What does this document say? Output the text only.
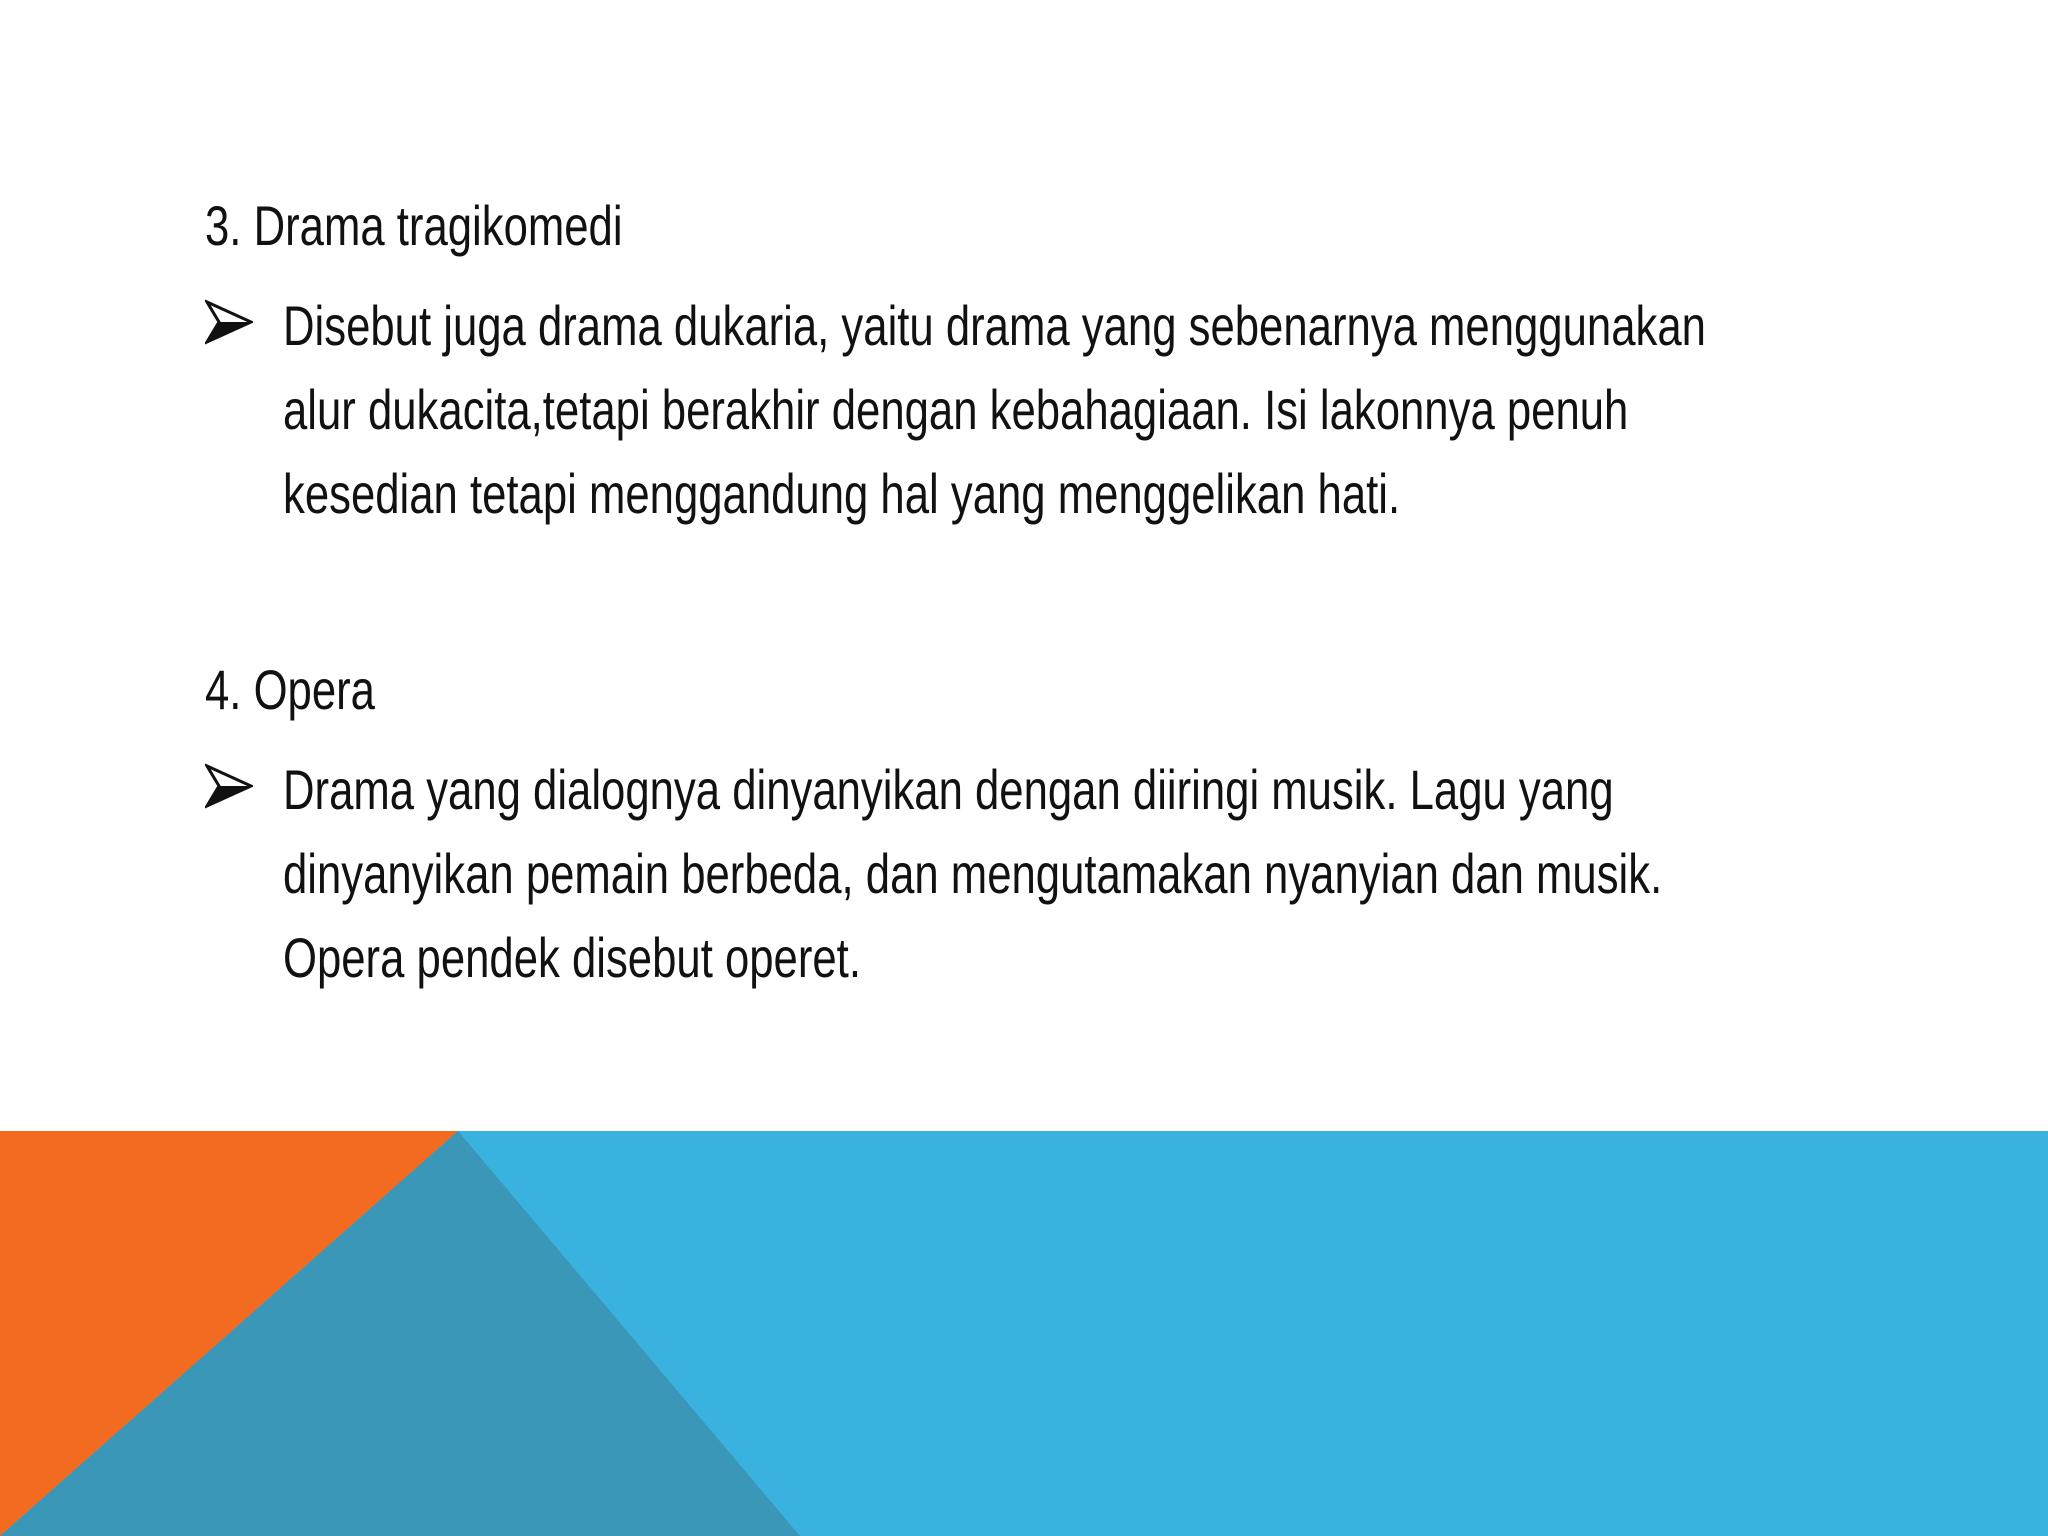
3. Drama tragikomedi

Disebut juga drama dukaria, yaitu drama yang sebenarnya menggunakan
alur dukacita,tetapi berakhir dengan kebahagiaan. Isi lakonnya penuh
kesedian tetapi menggandung hal yang menggelikan hati.

4. Opera

Drama yang dialognya dinyanyikan dengan diiringi musik. Lagu yang
dinyanyikan pemain berbeda, dan mengutamakan nyanyian dan musik.
Opera pendek disebut operet.
